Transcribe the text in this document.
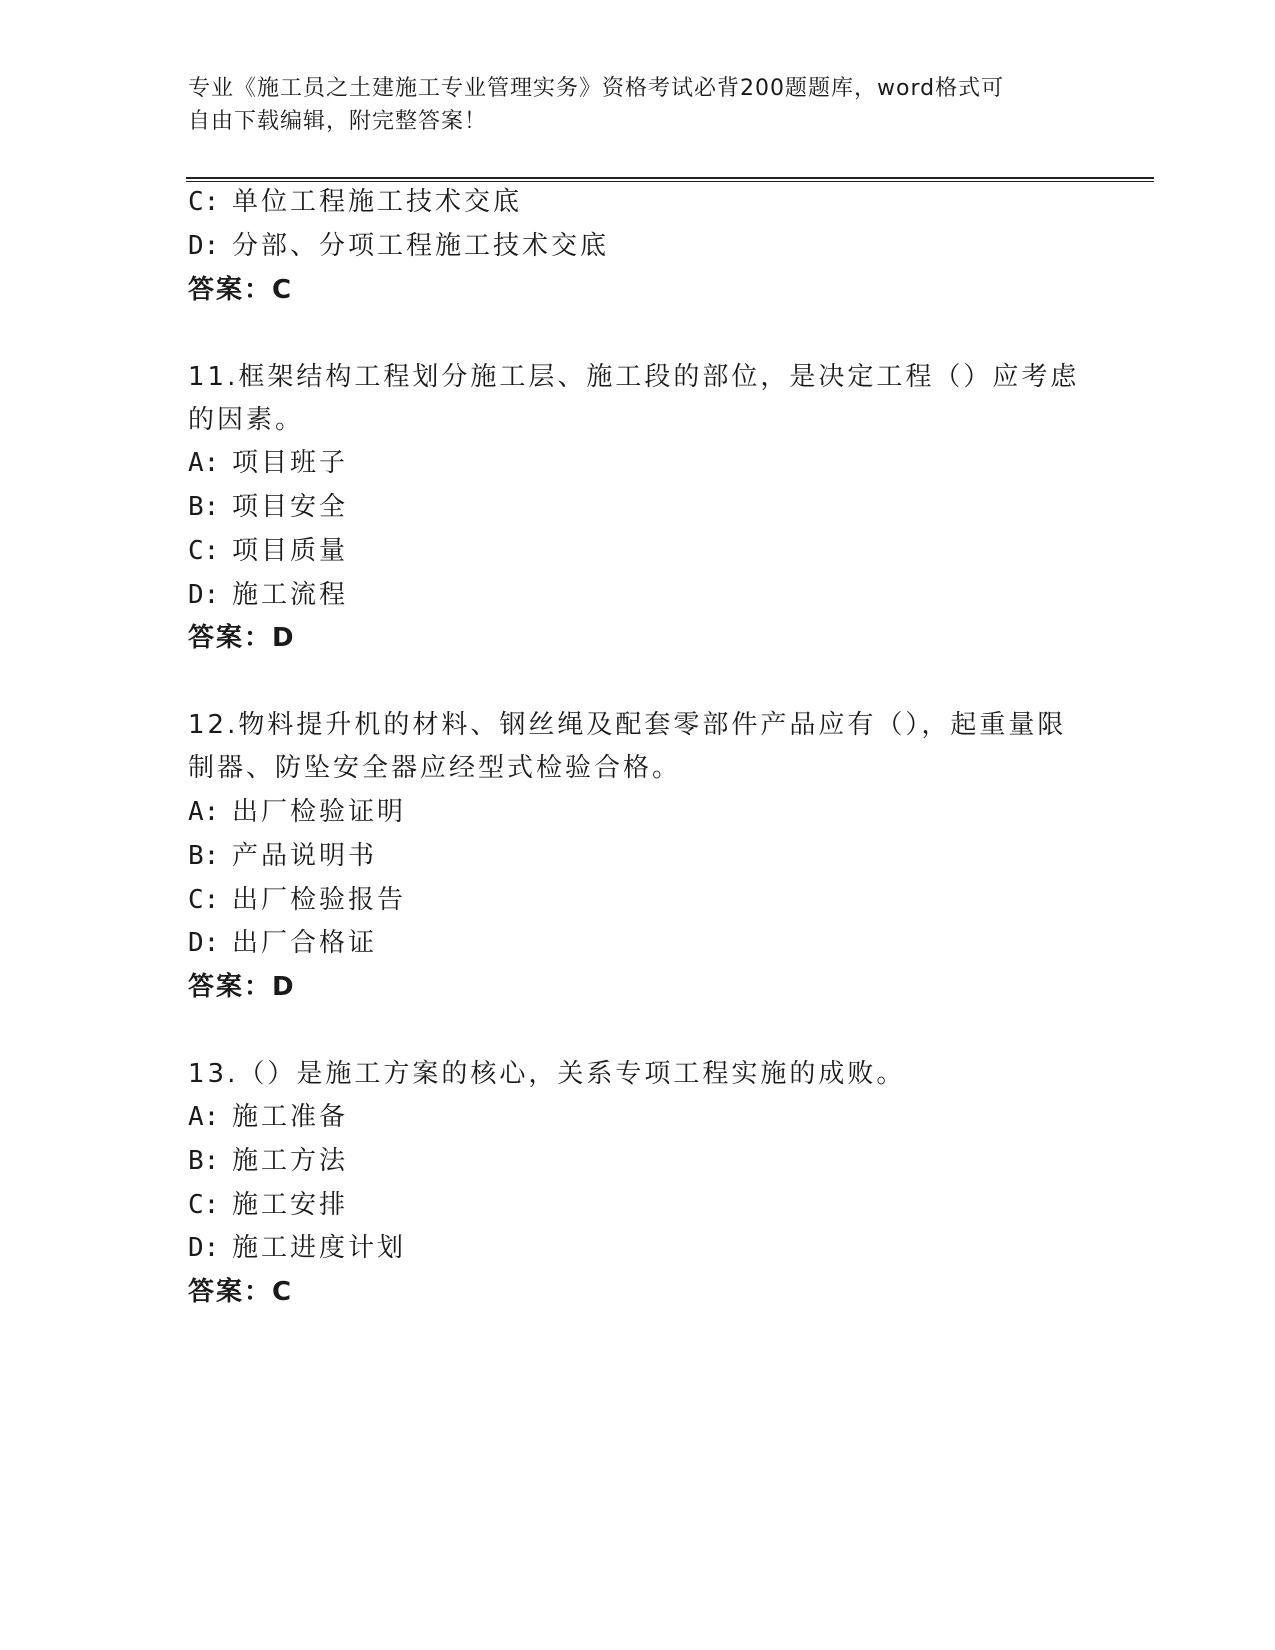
专业《施工员之土建施工专业管理实务》资格考试必背200题题库，word格式可
自由下载编辑，附完整答案！
C: 单位工程施工技术交底
D: 分部、分项工程施工技术交底
答案：C
11.框架结构工程划分施工层、施工段的部位，是决定工程（）应考虑
的因素。
A: 项目班子
B: 项目安全
C: 项目质量
D: 施工流程
答案：D
12.物料提升机的材料、钢丝绳及配套零部件产品应有（），起重量限
制器、防坠安全器应经型式检验合格。
A: 出厂检验证明
B: 产品说明书
C: 出厂检验报告
D: 出厂合格证
答案：D
13.（）是施工方案的核心，关系专项工程实施的成败。
A: 施工准备
B: 施工方法
C: 施工安排
D: 施工进度计划
答案：C
